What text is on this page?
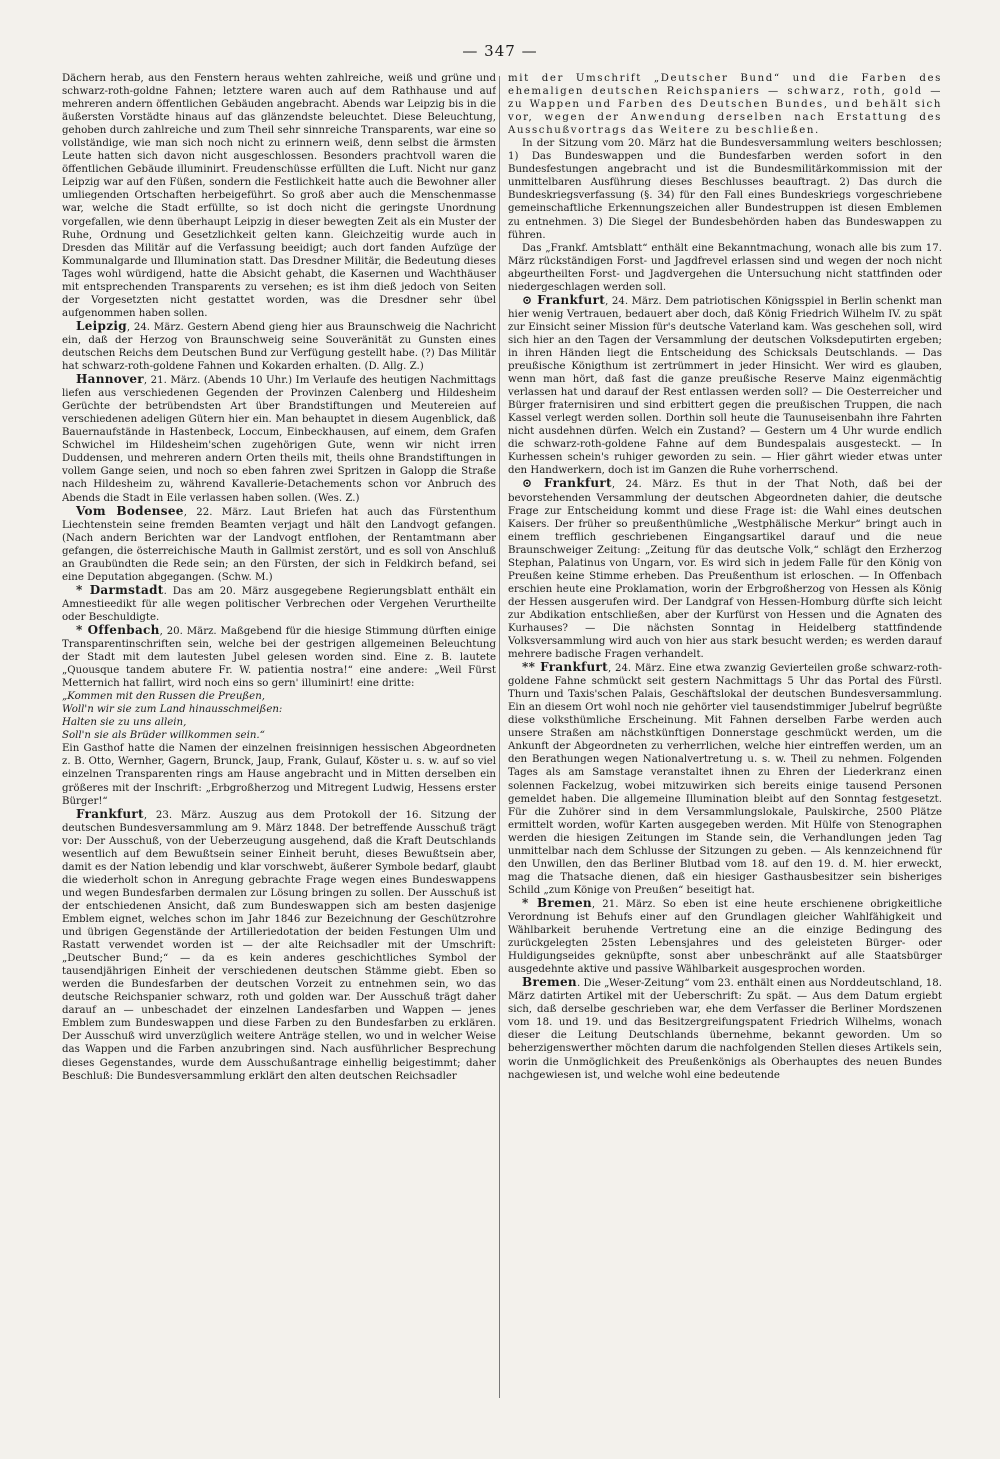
— 347 —

Dächern herab, aus den Fenstern heraus wehten zahlreiche, weiß und grüne und schwarz-roth-goldne Fahnen; letztere waren auch auf dem Rathhause und auf mehreren andern öffentlichen Gebäuden angebracht. Abends war Leipzig bis in die äußersten Vorstädte hinaus auf das glänzendste beleuchtet. Diese Beleuchtung, gehoben durch zahlreiche und zum Theil sehr sinnreiche Transparents, war eine so vollständige, wie man sich noch nicht zu erinnern weiß, denn selbst die ärmsten Leute hatten sich davon nicht ausgeschlossen. Besonders prachtvoll waren die öffentlichen Gebäude illuminirt. Freudenschüsse erfüllten die Luft. Nicht nur ganz Leipzig war auf den Füßen, sondern die Festlichkeit hatte auch die Bewohner aller umliegenden Ortschaften herbeigeführt. So groß aber auch die Menschenmasse war, welche die Stadt erfüllte, so ist doch nicht die geringste Unordnung vorgefallen, wie denn überhaupt Leipzig in dieser bewegten Zeit als ein Muster der Ruhe, Ordnung und Gesetzlichkeit gelten kann. Gleichzeitig wurde auch in Dresden das Militär auf die Verfassung beeidigt; auch dort fanden Aufzüge der Kommunalgarde und Illumination statt. Das Dresdner Militär, die Bedeutung dieses Tages wohl würdigend, hatte die Absicht gehabt, die Kasernen und Wachthäuser mit entsprechenden Transparents zu versehen; es ist ihm dieß jedoch von Seiten der Vorgesetzten nicht gestattet worden, was die Dresdner sehr übel aufgenommen haben sollen.

Leipzig, 24. März. Gestern Abend gieng hier aus Braunschweig die Nachricht ein, daß der Herzog von Braunschweig seine Souveränität zu Gunsten eines deutschen Reichs dem Deutschen Bund zur Verfügung gestellt habe. (?) Das Militär hat schwarz-roth-goldene Fahnen und Kokarden erhalten. (D. Allg. Z.)

Hannover, 21. März. (Abends 10 Uhr.) Im Verlaufe des heutigen Nachmittags liefen aus verschiedenen Gegenden der Provinzen Calenberg und Hildesheim Gerüchte der betrübendsten Art über Brandstiftungen und Meutereien auf verschiedenen adeligen Gütern hier ein. Man behauptet in diesem Augenblick, daß Bauernaufstände in Hastenbeck, Loccum, Einbeckhausen, auf einem, dem Grafen Schwichel im Hildesheim'schen zugehörigen Gute, wenn wir nicht irren Duddensen, und mehreren andern Orten theils mit, theils ohne Brandstiftungen in vollem Gange seien, und noch so eben fahren zwei Spritzen in Galopp die Straße nach Hildesheim zu, während Kavallerie-Detachements schon vor Anbruch des Abends die Stadt in Eile verlassen haben sollen. (Wes. Z.)

Vom Bodensee, 22. März. Laut Briefen hat auch das Fürstenthum Liechtenstein seine fremden Beamten verjagt und hält den Landvogt gefangen. (Nach andern Berichten war der Landvogt entflohen, der Rentamtmann aber gefangen, die österreichische Mauth in Gallmist zerstört, und es soll von Anschluß an Graubündten die Rede sein; an den Fürsten, der sich in Feldkirch befand, sei eine Deputation abgegangen. (Schw. M.)

* Darmstadt. Das am 20. März ausgegebene Regierungsblatt enthält ein Amnestieedikt für alle wegen politischer Verbrechen oder Vergehen Verurtheilte oder Beschuldigte.

* Offenbach, 20. März. Maßgebend für die hiesige Stimmung dürften einige Transparentinschriften sein, welche bei der gestrigen allgemeinen Beleuchtung der Stadt mit dem lautesten Jubel gelesen worden sind. Eine z. B. lautete „Quousque tandem abutere Fr. W. patientia nostra!“ eine andere: „Weil Fürst Metternich hat fallirt, wird noch eins so gern' illuminirt! eine dritte:

„Kommen mit den Russen die Preußen,
Woll'n wir sie zum Land hinausschmeißen:
Halten sie zu uns allein,
Soll'n sie als Brüder willkommen sein.“

Ein Gasthof hatte die Namen der einzelnen freisinnigen hessischen Abgeordneten z. B. Otto, Wernher, Gagern, Brunck, Jaup, Frank, Gulauf, Köster u. s. w. auf so viel einzelnen Transparenten rings am Hause angebracht und in Mitten derselben ein größeres mit der Inschrift: „Erbgroßherzog und Mitregent Ludwig, Hessens erster Bürger!“

Frankfurt, 23. März. Auszug aus dem Protokoll der 16. Sitzung der deutschen Bundesversammlung am 9. März 1848. Der betreffende Ausschuß trägt vor: Der Ausschuß, von der Ueberzeugung ausgehend, daß die Kraft Deutschlands wesentlich auf dem Bewußtsein seiner Einheit beruht, dieses Bewußtsein aber, damit es der Nation lebendig und klar vorschwebt, äußerer Symbole bedarf, glaubt die wiederholt schon in Anregung gebrachte Frage wegen eines Bundeswappens und wegen Bundesfarben dermalen zur Lösung bringen zu sollen. Der Ausschuß ist der entschiedenen Ansicht, daß zum Bundeswappen sich am besten dasjenige Emblem eignet, welches schon im Jahr 1846 zur Bezeichnung der Geschützrohre und übrigen Gegenstände der Artilleriedotation der beiden Festungen Ulm und Rastatt verwendet worden ist — der alte Reichsadler mit der Umschrift: „Deutscher Bund;“ — da es kein anderes geschichtliches Symbol der tausendjährigen Einheit der verschiedenen deutschen Stämme giebt. Eben so werden die Bundesfarben der deutschen Vorzeit zu entnehmen sein, wo das deutsche Reichspanier schwarz, roth und golden war. Der Ausschuß trägt daher darauf an — unbeschadet der einzelnen Landesfarben und Wappen — jenes Emblem zum Bundeswappen und diese Farben zu den Bundesfarben zu erklären. Der Ausschuß wird unverzüglich weitere Anträge stellen, wo und in welcher Weise das Wappen und die Farben anzubringen sind. Nach ausführlicher Besprechung dieses Gegenstandes, wurde dem Ausschußantrage einhellig beigestimmt; daher Beschluß: Die Bundesversammlung erklärt den alten deutschen Reichsadler

mit der Umschrift „Deutscher Bund“ und die Farben des ehemaligen deutschen Reichspaniers — schwarz, roth, gold — zu Wappen und Farben des Deutschen Bundes, und behält sich vor, wegen der Anwendung derselben nach Erstattung des Ausschußvortrags das Weitere zu beschließen.

In der Sitzung vom 20. März hat die Bundesversammlung weiters beschlossen; 1) Das Bundeswappen und die Bundesfarben werden sofort in den Bundesfestungen angebracht und ist die Bundesmilitärkommission mit der unmittelbaren Ausführung dieses Beschlusses beauftragt. 2) Das durch die Bundeskriegsverfassung (§. 34) für den Fall eines Bundeskriegs vorgeschriebene gemeinschaftliche Erkennungszeichen aller Bundestruppen ist diesen Emblemen zu entnehmen. 3) Die Siegel der Bundesbehörden haben das Bundeswappen zu führen.

Das „Frankf. Amtsblatt“ enthält eine Bekanntmachung, wonach alle bis zum 17. März rückständigen Forst- und Jagdfrevel erlassen sind und wegen der noch nicht abgeurtheilten Forst- und Jagdvergehen die Untersuchung nicht stattfinden oder niedergeschlagen werden soll.

⊙ Frankfurt, 24. März. Dem patriotischen Königsspiel in Berlin schenkt man hier wenig Vertrauen, bedauert aber doch, daß König Friedrich Wilhelm IV. zu spät zur Einsicht seiner Mission für's deutsche Vaterland kam. Was geschehen soll, wird sich hier an den Tagen der Versammlung der deutschen Volksdeputirten ergeben; in ihren Händen liegt die Entscheidung des Schicksals Deutschlands. — Das preußische Königthum ist zertrümmert in jeder Hinsicht. Wer wird es glauben, wenn man hört, daß fast die ganze preußische Reserve Mainz eigenmächtig verlassen hat und darauf der Rest entlassen werden soll? — Die Oesterreicher und Bürger fraternisiren und sind erbittert gegen die preußischen Truppen, die nach Kassel verlegt werden sollen. Dorthin soll heute die Taunuseisenbahn ihre Fahrten nicht ausdehnen dürfen. Welch ein Zustand? — Gestern um 4 Uhr wurde endlich die schwarz-roth-goldene Fahne auf dem Bundespalais ausgesteckt. — In Kurhessen schein's ruhiger geworden zu sein. — Hier gährt wieder etwas unter den Handwerkern, doch ist im Ganzen die Ruhe vorherrschend.

⊙ Frankfurt, 24. März. Es thut in der That Noth, daß bei der bevorstehenden Versammlung der deutschen Abgeordneten dahier, die deutsche Frage zur Entscheidung kommt und diese Frage ist: die Wahl eines deutschen Kaisers. Der früher so preußenthümliche „Westphälische Merkur“ bringt auch in einem trefflich geschriebenen Eingangsartikel darauf und die neue Braunschweiger Zeitung: „Zeitung für das deutsche Volk,“ schlägt den Erzherzog Stephan, Palatinus von Ungarn, vor. Es wird sich in jedem Falle für den König von Preußen keine Stimme erheben. Das Preußenthum ist erloschen. — In Offenbach erschien heute eine Proklamation, worin der Erbgroßherzog von Hessen als König der Hessen ausgerufen wird. Der Landgraf von Hessen-Homburg dürfte sich leicht zur Abdikation entschließen, aber der Kurfürst von Hessen und die Agnaten des Kurhauses? — Die nächsten Sonntag in Heidelberg stattfindende Volksversammlung wird auch von hier aus stark besucht werden; es werden darauf mehrere badische Fragen verhandelt.

** Frankfurt, 24. März. Eine etwa zwanzig Gevierteilen große schwarz-roth-goldene Fahne schmückt seit gestern Nachmittags 5 Uhr das Portal des Fürstl. Thurn und Taxis'schen Palais, Geschäftslokal der deutschen Bundesversammlung. Ein an diesem Ort wohl noch nie gehörter viel tausendstimmiger Jubelruf begrüßte diese volksthümliche Erscheinung. Mit Fahnen derselben Farbe werden auch unsere Straßen am nächstkünftigen Donnerstage geschmückt werden, um die Ankunft der Abgeordneten zu verherrlichen, welche hier eintreffen werden, um an den Berathungen wegen Nationalvertretung u. s. w. Theil zu nehmen. Folgenden Tages als am Samstage veranstaltet ihnen zu Ehren der Liederkranz einen solennen Fackelzug, wobei mitzuwirken sich bereits einige tausend Personen gemeldet haben. Die allgemeine Illumination bleibt auf den Sonntag festgesetzt. Für die Zuhörer sind in dem Versammlungslokale, Paulskirche, 2500 Plätze ermittelt worden, wofür Karten ausgegeben werden. Mit Hülfe von Stenographen werden die hiesigen Zeitungen im Stande sein, die Verhandlungen jeden Tag unmittelbar nach dem Schlusse der Sitzungen zu geben. — Als kennzeichnend für den Unwillen, den das Berliner Blutbad vom 18. auf den 19. d. M. hier erweckt, mag die Thatsache dienen, daß ein hiesiger Gasthausbesitzer sein bisheriges Schild „zum Könige von Preußen“ beseitigt hat.

* Bremen, 21. März. So eben ist eine heute erschienene obrigkeitliche Verordnung ist Behufs einer auf den Grundlagen gleicher Wahlfähigkeit und Wählbarkeit beruhende Vertretung eine an die einzige Bedingung des zurückgelegten 25sten Lebensjahres und des geleisteten Bürger- oder Huldigungseides geknüpfte, sonst aber unbeschränkt auf alle Staatsbürger ausgedehnte aktive und passive Wählbarkeit ausgesprochen worden.

Bremen. Die „Weser-Zeitung“ vom 23. enthält einen aus Norddeutschland, 18. März datirten Artikel mit der Ueberschrift: Zu spät. — Aus dem Datum ergiebt sich, daß derselbe geschrieben war, ehe dem Verfasser die Berliner Mordszenen vom 18. und 19. und das Besitzergreifungspatent Friedrich Wilhelms, wonach dieser die Leitung Deutschlands übernehme, bekannt geworden. Um so beherzigenswerther möchten darum die nachfolgenden Stellen dieses Artikels sein, worin die Unmöglichkeit des Preußenkönigs als Oberhauptes des neuen Bundes nachgewiesen ist, und welche wohl eine bedeutende
